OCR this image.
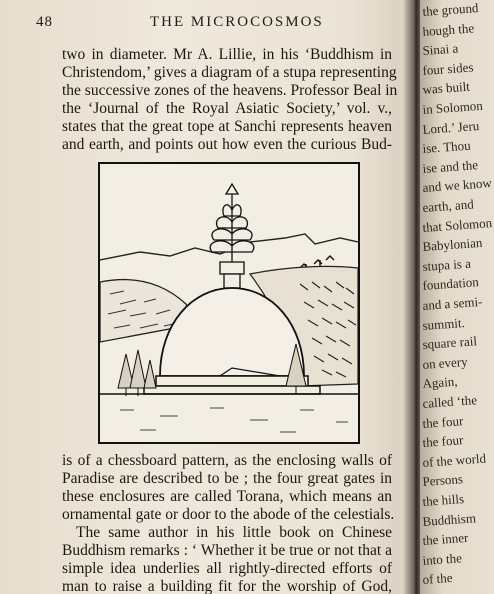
48	THE MICROCOSMOS
two in diameter. Mr A. Lillie, in his ‘Buddhism in
Christendom,’ gives a diagram of a stupa representing
the successive zones of the heavens. Professor Beal in
the ‘Journal of the Royal Asiatic Society,’ vol. v.,
states that the great tope at Sanchi represents heaven
and earth, and points out how even the curious Bud-
is of a chessboard pattern, as the enclosing walls of
Paradise are described to be ; the four great gates in
these enclosures are called Torana, which means an
ornamental gate or door to the abode of the celestials.
The same author in his little book on Chinese
Buddhism remarks : ‘ Whether it be true or not that a
simple idea underlies all rightly-directed efforts of
man to raise a building fit for the worship of God,
the ground
hough the
Sinai a
four sides
was built
in Solomon
Lord.’ Jeru
ise. Thou
ise and the
and we know
earth, and
that Solomon
Babylonian
stupa is a
foundation
and a semi-
summit.
square rail
on every
Again,
called ‘the
the four
the four
of the world
Persons
the hills
Buddhism
the inner
into the
of the
